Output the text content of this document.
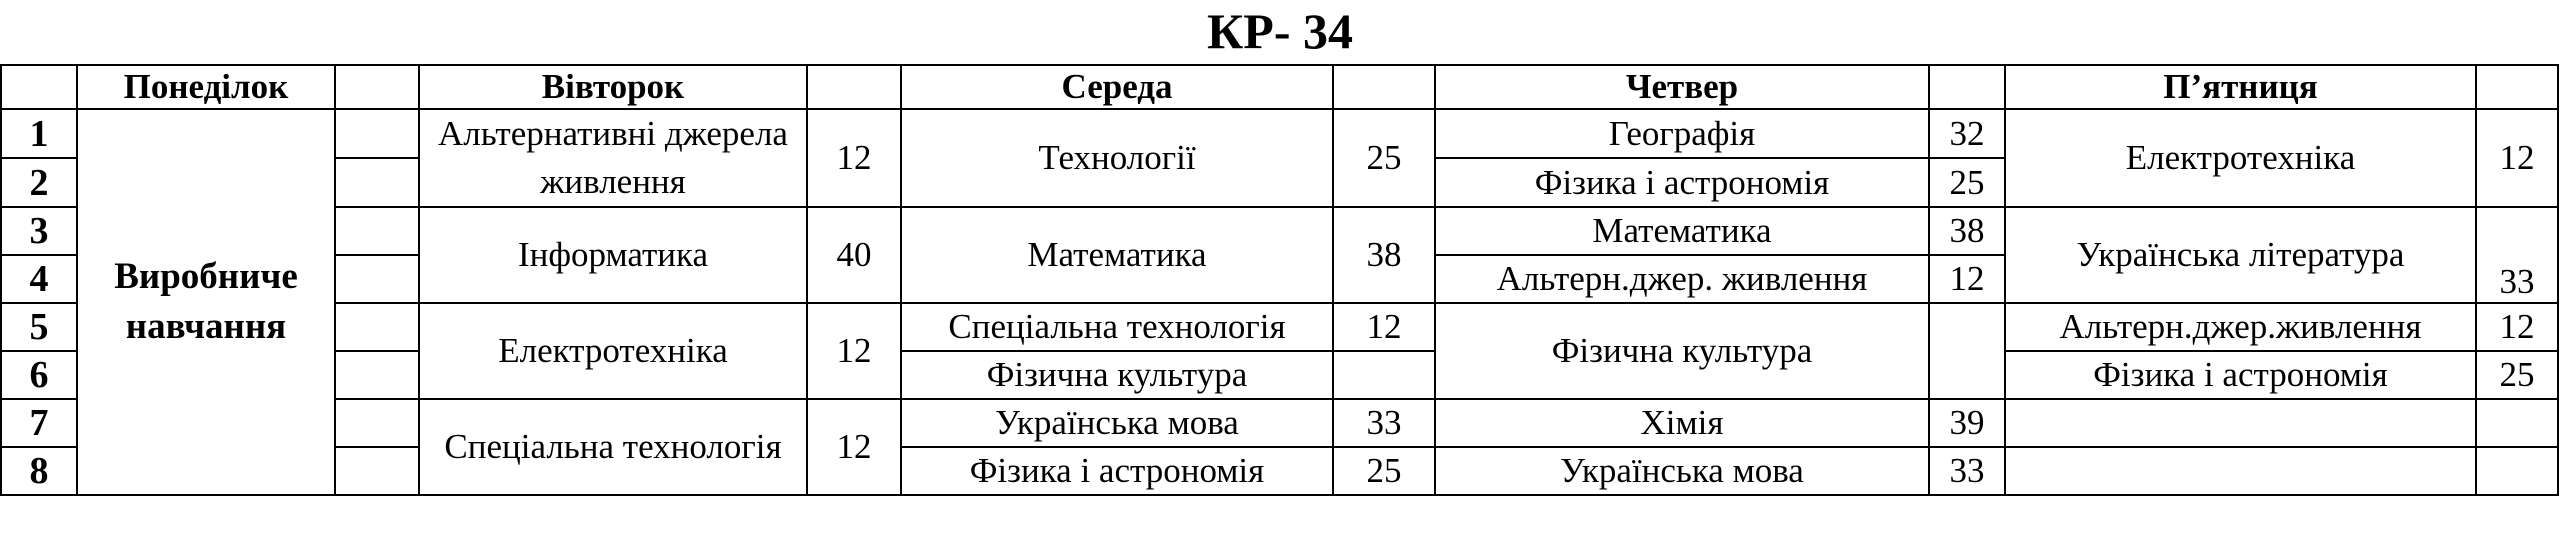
КР- 34
	Понеділок		Вівторок		Середа		Четвер		П’ятниця	
1	Виробниче навчання		Альтернативні джерела живлення	12	Технології	25	Географія	32	Електротехніка	12
2							Фізика і астрономія	25		
3			Інформатика	40	Математика	38	Математика	38	Українська література	33
4							Альтерн.джер. живлення	12		
5			Електротехніка	12	Спеціальна технологія	12	Фізична культура		Альтерн.джер.живлення	12
6					Фізична культура				Фізика і астрономія	25
7			Спеціальна технологія	12	Українська мова	33	Хімія	39		
8					Фізика і астрономія	25	Українська мова	33		
